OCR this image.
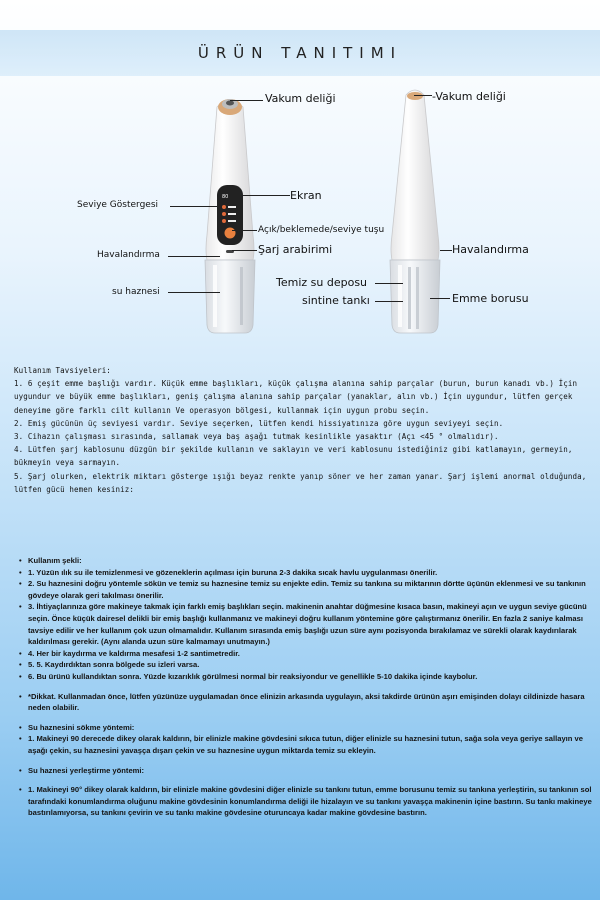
ÜRÜN TANITIMI
80
Vakum deliği	-Vakum deliği
Ekran
Seviye Göstergesi
Açık/beklemede/seviye tuşu
Şarj arabirimi
Havalandırma	Havalandırma
su haznesi
Temiz su deposu
sintine tankı	Emme borusu

Kullanım Tavsiyeleri:

1. 6 çeşit emme başlığı vardır. Küçük emme başlıkları, küçük çalışma alanına sahip parçalar (burun, burun kanadı vb.) İçin uygundur ve büyük emme başlıkları, geniş çalışma alanına sahip parçalar (yanaklar, alın vb.) İçin uygundur, lütfen gerçek deneyime göre farklı cilt kullanın Ve operasyon bölgesi, kullanmak için uygun probu seçin.

2. Emiş gücünün üç seviyesi vardır. Seviye seçerken, lütfen kendi hissiyatınıza göre uygun seviyeyi seçin.

3. Cihazın çalışması sırasında, sallamak veya baş aşağı tutmak kesinlikle yasaktır (Açı <45 ° olmalıdır).

4. Lütfen şarj kablosunu düzgün bir şekilde kullanın ve saklayın ve veri kablosunu istediğiniz gibi katlamayın, germeyin, bükmeyin veya sarmayın.

5. Şarj olurken, elektrik miktarı gösterge ışığı beyaz renkte yanıp söner ve her zaman yanar. Şarj işlemi anormal olduğunda, lütfen gücü hemen kesiniz:

• Kullanım şekli:
• 1. Yüzün ılık su ile temizlenmesi ve gözeneklerin açılması için buruna 2-3 dakika sıcak havlu uygulanması önerilir.
• 2. Su haznesini doğru yöntemle sökün ve temiz su haznesine temiz su enjekte edin. Temiz su tankına su miktarının dörtte üçünün eklenmesi ve su tankının gövdeye olarak geri takılması önerilir.
• 3. İhtiyaçlarınıza göre makineye takmak için farklı emiş başlıkları seçin. makinenin anahtar düğmesine kısaca basın, makineyi açın ve uygun seviye gücünü seçin. Önce küçük dairesel delikli bir emiş başlığı kullanmanız ve makineyi doğru kullanım yöntemine göre çalıştırmanız önerilir. En fazla 2 saniye kalması tavsiye edilir ve her kullanım çok uzun olmamalıdır. Kullanım sırasında emiş başlığı uzun süre aynı pozisyonda bırakılamaz ve sürekli olarak kaydırılarak kaldırılması gerekir. (Aynı alanda uzun süre kalmamayı unutmayın.)
• 4. Her bir kaydırma ve kaldırma mesafesi 1-2 santimetredir.
• 5. 5. Kaydırdıktan sonra bölgede su izleri varsa.
• 6. Bu ürünü kullandıktan sonra. Yüzde kızarıklık görülmesi normal bir reaksiyondur ve genellikle 5-10 dakika içinde kaybolur.
• *Dikkat. Kullanmadan önce, lütfen yüzünüze uygulamadan önce elinizin arkasında uygulayın, aksi takdirde ürünün aşırı emişinden dolayı cildinizde hasara neden olabilir.
• Su haznesini sökme yöntemi:
• 1. Makineyi 90 derecede dikey olarak kaldırın, bir elinizle makine gövdesini sıkıca tutun, diğer elinizle su haznesini tutun, sağa sola veya geriye sallayın ve aşağı çekin, su haznesini yavaşça dışarı çekin ve su haznesine uygun miktarda temiz su ekleyin.
• Su haznesi yerleştirme yöntemi:
• 1. Makineyi 90° dikey olarak kaldırın, bir elinizle makine gövdesini diğer elinizle su tankını tutun, emme borusunu temiz su tankına yerleştirin, su tankının sol tarafındaki konumlandırma oluğunu makine gövdesinin konumlandırma deliği ile hizalayın ve su tankını yavaşça makinenin içine bastırın. Su tankı makineye bastırılamıyorsa, su tankını çevirin ve su tankı makine gövdesine oturuncaya kadar makine gövdesine bastırın.
